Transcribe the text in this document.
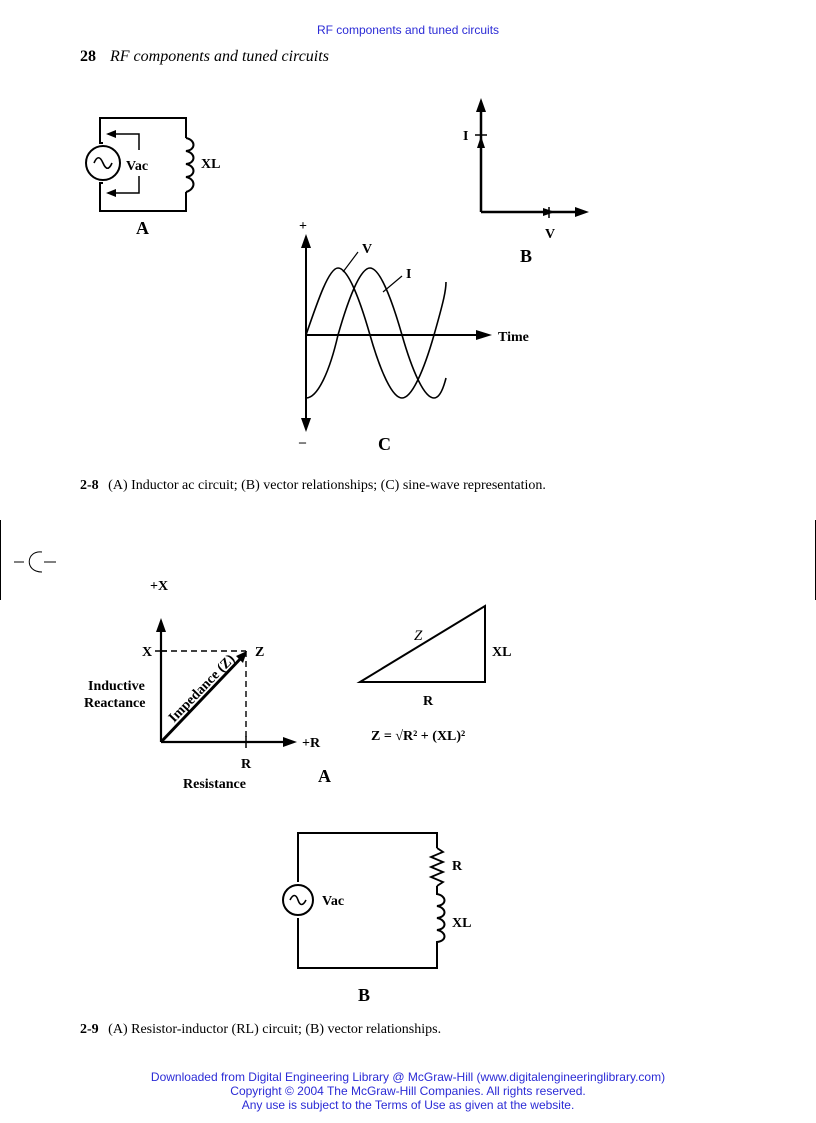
RF components and tuned circuits
28 RF components and tuned circuits
Vac	XL
A
I
V
B
+
–
V
I
Time
C
2-8 (A) Inductor ac circuit; (B) vector relationships; (C) sine-wave representation.
+X
X	Z
Impedance (Z)
Inductive
Reactance
+R
R
Resistance
Z
XL
R
Z = √R² + (XL)²
A
Vac
R
XL
B
2-9 (A) Resistor-inductor (RL) circuit; (B) vector relationships.
Downloaded from Digital Engineering Library @ McGraw-Hill (www.digitalengineeringlibrary.com)
Copyright © 2004 The McGraw-Hill Companies. All rights reserved.
Any use is subject to the Terms of Use as given at the website.
